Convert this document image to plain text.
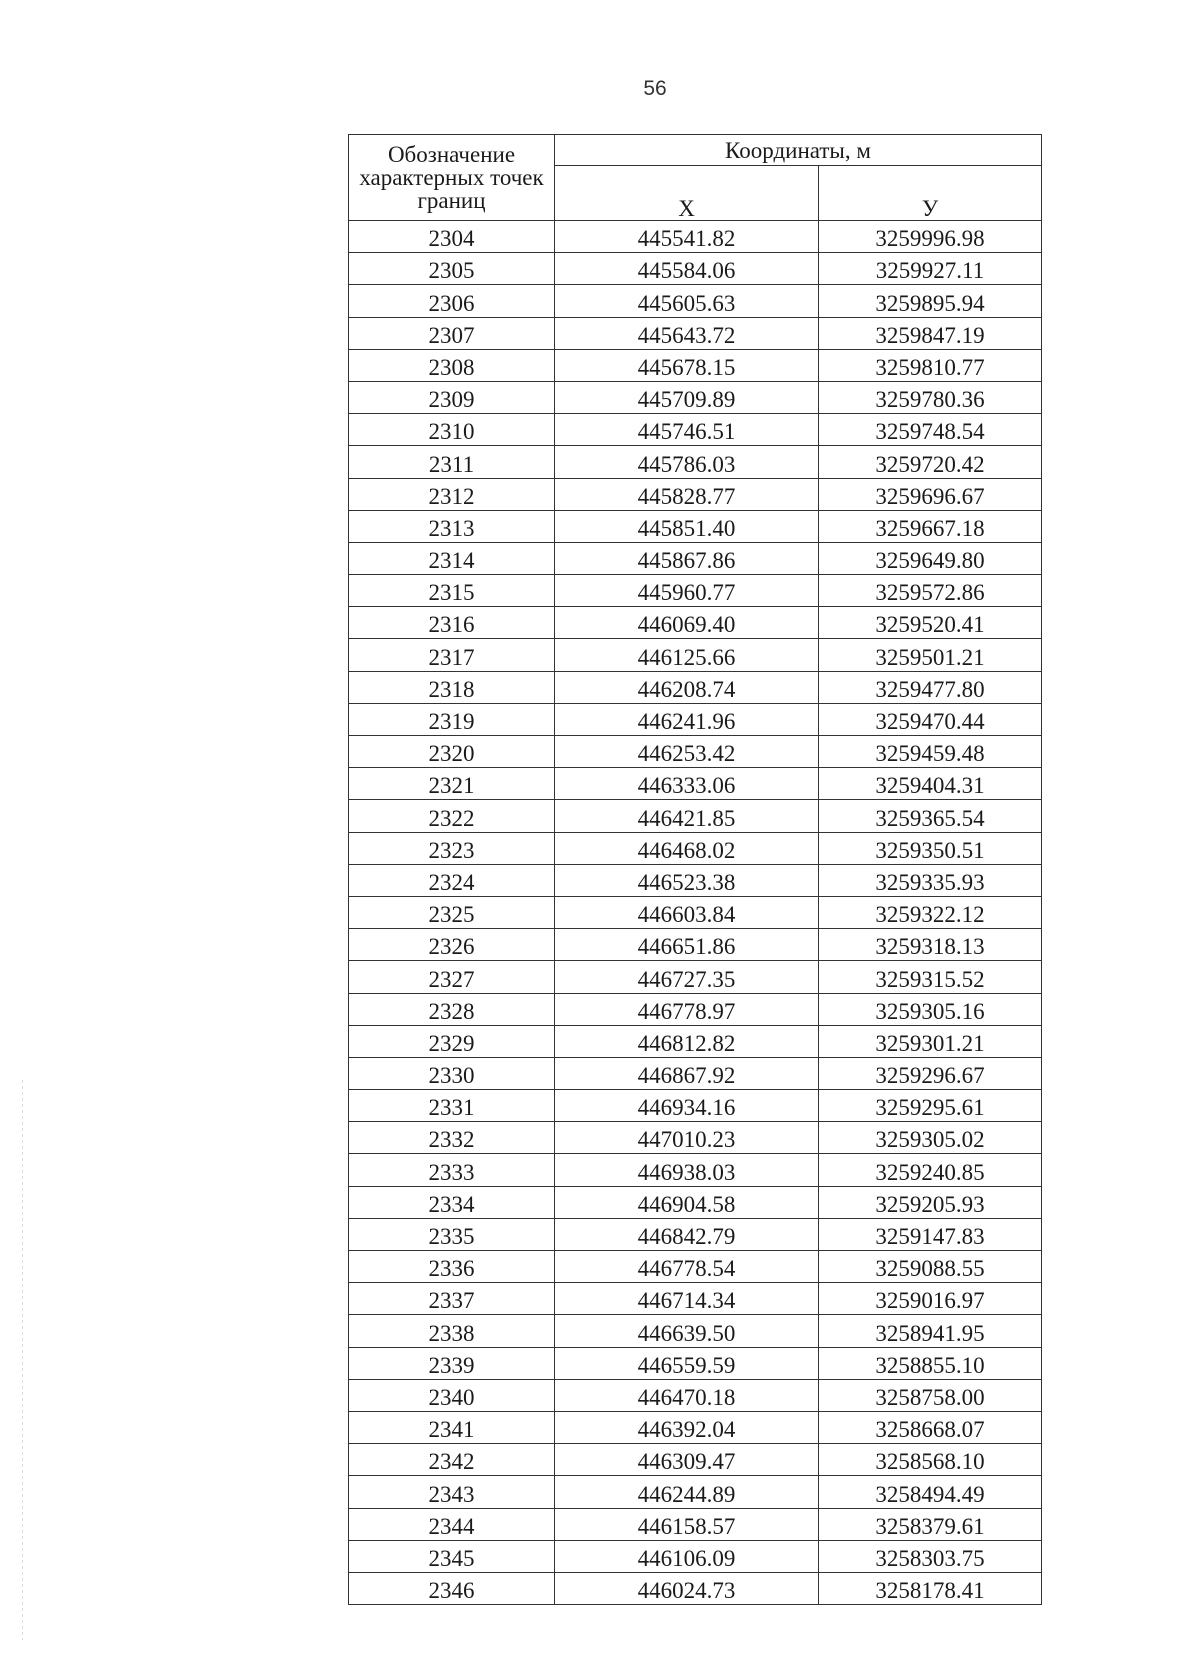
56
Обозначение характерных точек границ	Координаты, м	
	X	У
2304	445541.82	3259996.98
2305	445584.06	3259927.11
2306	445605.63	3259895.94
2307	445643.72	3259847.19
2308	445678.15	3259810.77
2309	445709.89	3259780.36
2310	445746.51	3259748.54
2311	445786.03	3259720.42
2312	445828.77	3259696.67
2313	445851.40	3259667.18
2314	445867.86	3259649.80
2315	445960.77	3259572.86
2316	446069.40	3259520.41
2317	446125.66	3259501.21
2318	446208.74	3259477.80
2319	446241.96	3259470.44
2320	446253.42	3259459.48
2321	446333.06	3259404.31
2322	446421.85	3259365.54
2323	446468.02	3259350.51
2324	446523.38	3259335.93
2325	446603.84	3259322.12
2326	446651.86	3259318.13
2327	446727.35	3259315.52
2328	446778.97	3259305.16
2329	446812.82	3259301.21
2330	446867.92	3259296.67
2331	446934.16	3259295.61
2332	447010.23	3259305.02
2333	446938.03	3259240.85
2334	446904.58	3259205.93
2335	446842.79	3259147.83
2336	446778.54	3259088.55
2337	446714.34	3259016.97
2338	446639.50	3258941.95
2339	446559.59	3258855.10
2340	446470.18	3258758.00
2341	446392.04	3258668.07
2342	446309.47	3258568.10
2343	446244.89	3258494.49
2344	446158.57	3258379.61
2345	446106.09	3258303.75
2346	446024.73	3258178.41
